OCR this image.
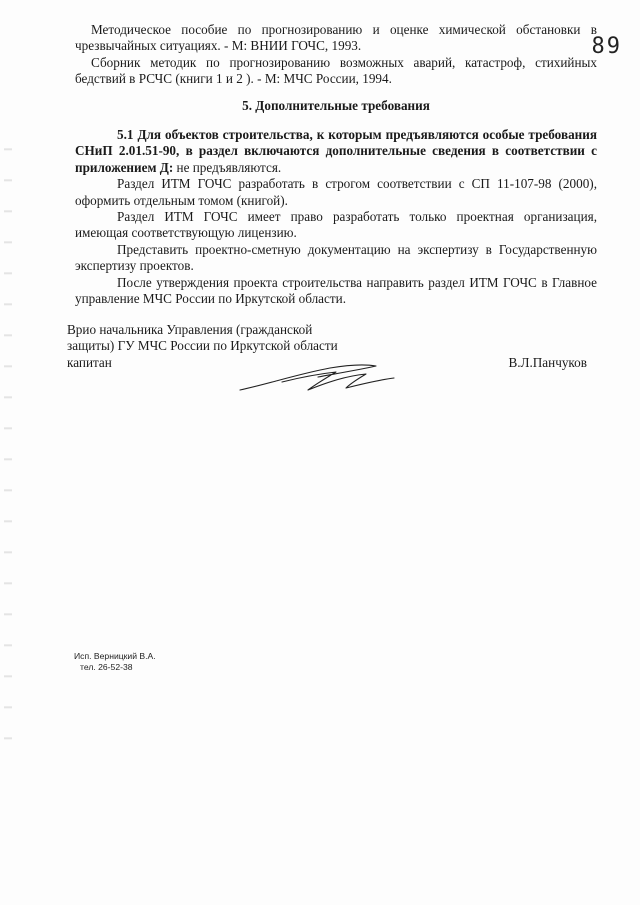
89

Методическое пособие по прогнозированию и оценке химической обстановки в чрезвычайных ситуациях. - М: ВНИИ ГОЧС, 1993.

Сборник методик по прогнозированию возможных аварий, катастроф, стихийных бедствий в РСЧС (книги 1 и 2 ). - М: МЧС России, 1994.

5. Дополнительные требования

5.1 Для объектов строительства, к которым предъявляются особые требования СНиП 2.01.51-90, в раздел включаются дополнительные сведения в соответствии с приложением Д: не предъявляются.

Раздел ИТМ ГОЧС разработать в строгом соответствии с СП 11-107-98 (2000), оформить отдельным томом (книгой).

Раздел ИТМ ГОЧС имеет право разработать только проектная организация, имеющая соответствующую лицензию.

Представить проектно-сметную документацию на экспертизу в Государственную экспертизу проектов.

После утверждения проекта строительства направить раздел ИТМ ГОЧС в Главное управление МЧС России по Иркутской области.

Врио начальника Управления (гражданской
защиты) ГУ МЧС России по Иркутской области
капитан	В.Л.Панчуков
Исп. Верницкий В.А.
тел. 26-52-38
